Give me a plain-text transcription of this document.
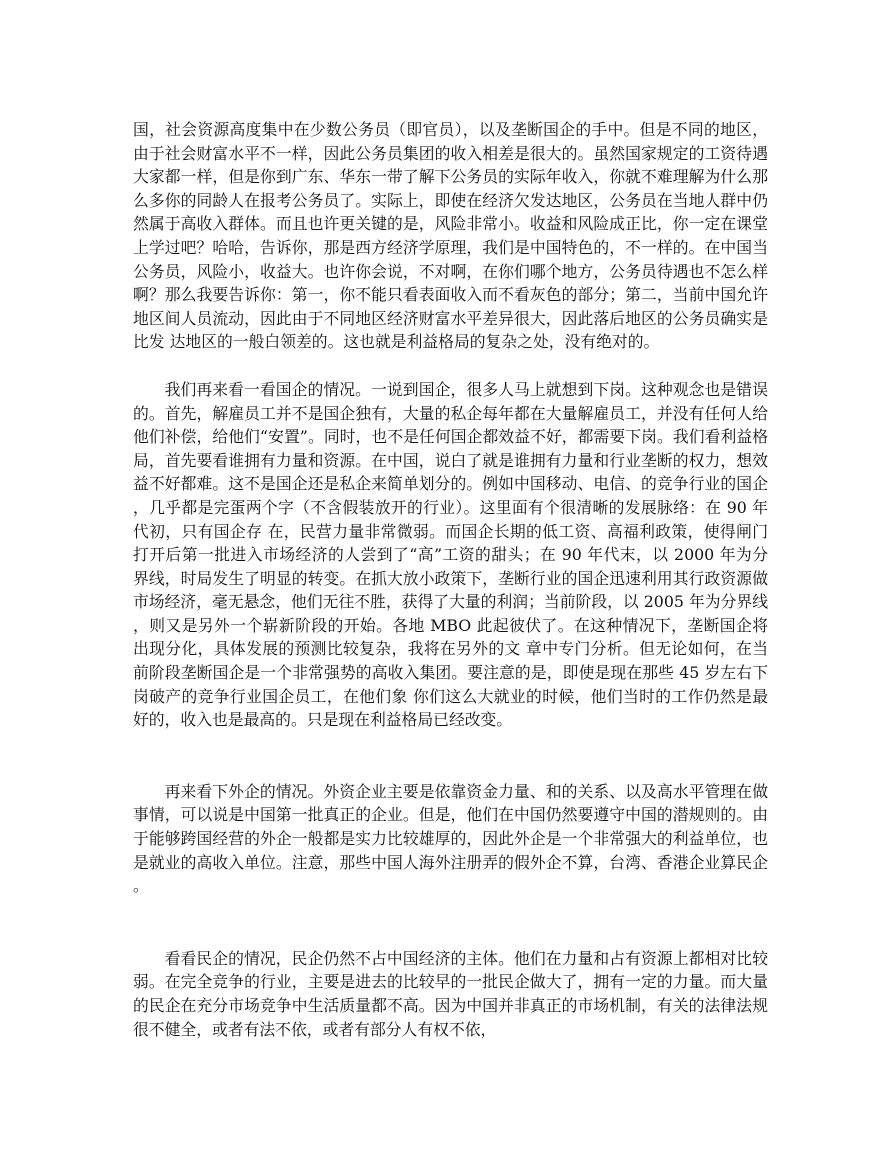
国，社会资源高度集中在少数公务员（即官员），以及垄断国企的手中。但是不同的地区，由于社会财富水平不一样，因此公务员集团的收入相差是很大的。虽然国家规定的工资待遇大家都一样，但是你到广东、华东一带了解下公务员的实际年收入，你就不难理解为什么那么多你的同龄人在报考公务员了。实际上，即使在经济欠发达地区，公务员在当地人群中仍然属于高收入群体。而且也许更关键的是，风险非常小。收益和风险成正比，你一定在课堂上学过吧？哈哈，告诉你，那是西方经济学原理，我们是中国特色的，不一样的。在中国当公务员，风险小，收益大。也许你会说，不对啊，在你们哪个地方，公务员待遇也不怎么样啊？那么我要告诉你：第一，你不能只看表面收入而不看灰色的部分；第二，当前中国允许地区间人员流动，因此由于不同地区经济财富水平差异很大，因此落后地区的公务员确实是比发 达地区的一般白领差的。这也就是利益格局的复杂之处，没有绝对的。

我们再来看一看国企的情况。一说到国企，很多人马上就想到下岗。这种观念也是错误的。首先，解雇员工并不是国企独有，大量的私企每年都在大量解雇员工，并没有任何人给他们补偿，给他们“安置”。同时，也不是任何国企都效益不好，都需要下岗。我们看利益格局，首先要看谁拥有力量和资源。在中国，说白了就是谁拥有力量和行业垄断的权力，想效益不好都难。这不是国企还是私企来简单划分的。例如中国移动、电信、的竞争行业的国企，几乎都是完蛋两个字（不含假装放开的行业）。这里面有个很清晰的发展脉络：在 90 年代初，只有国企存 在，民营力量非常微弱。而国企长期的低工资、高福利政策，使得闸门打开后第一批进入市场经济的人尝到了“高”工资的甜头；在 90 年代末，以 2000 年为分 界线，时局发生了明显的转变。在抓大放小政策下，垄断行业的国企迅速利用其行政资源做市场经济，毫无悬念，他们无往不胜，获得了大量的利润；当前阶段，以 2005 年为分界线，则又是另外一个崭新阶段的开始。各地 MBO 此起彼伏了。在这种情况下，垄断国企将出现分化，具体发展的预测比较复杂，我将在另外的文 章中专门分析。但无论如何，在当前阶段垄断国企是一个非常强势的高收入集团。要注意的是，即使是现在那些 45 岁左右下岗破产的竞争行业国企员工，在他们象 你们这么大就业的时候，他们当时的工作仍然是最好的，收入也是最高的。只是现在利益格局已经改变。

再来看下外企的情况。外资企业主要是依靠资金力量、和的关系、以及高水平管理在做事情，可以说是中国第一批真正的企业。但是，他们在中国仍然要遵守中国的潜规则的。由于能够跨国经营的外企一般都是实力比较雄厚的，因此外企是一个非常强大的利益单位，也是就业的高收入单位。注意，那些中国人海外注册弄的假外企不算，台湾、香港企业算民企。

看看民企的情况，民企仍然不占中国经济的主体。他们在力量和占有资源上都相对比较弱。在完全竞争的行业，主要是进去的比较早的一批民企做大了，拥有一定的力量。而大量的民企在充分市场竞争中生活质量都不高。因为中国并非真正的市场机制，有关的法律法规很不健全，或者有法不依，或者有部分人有权不依，
